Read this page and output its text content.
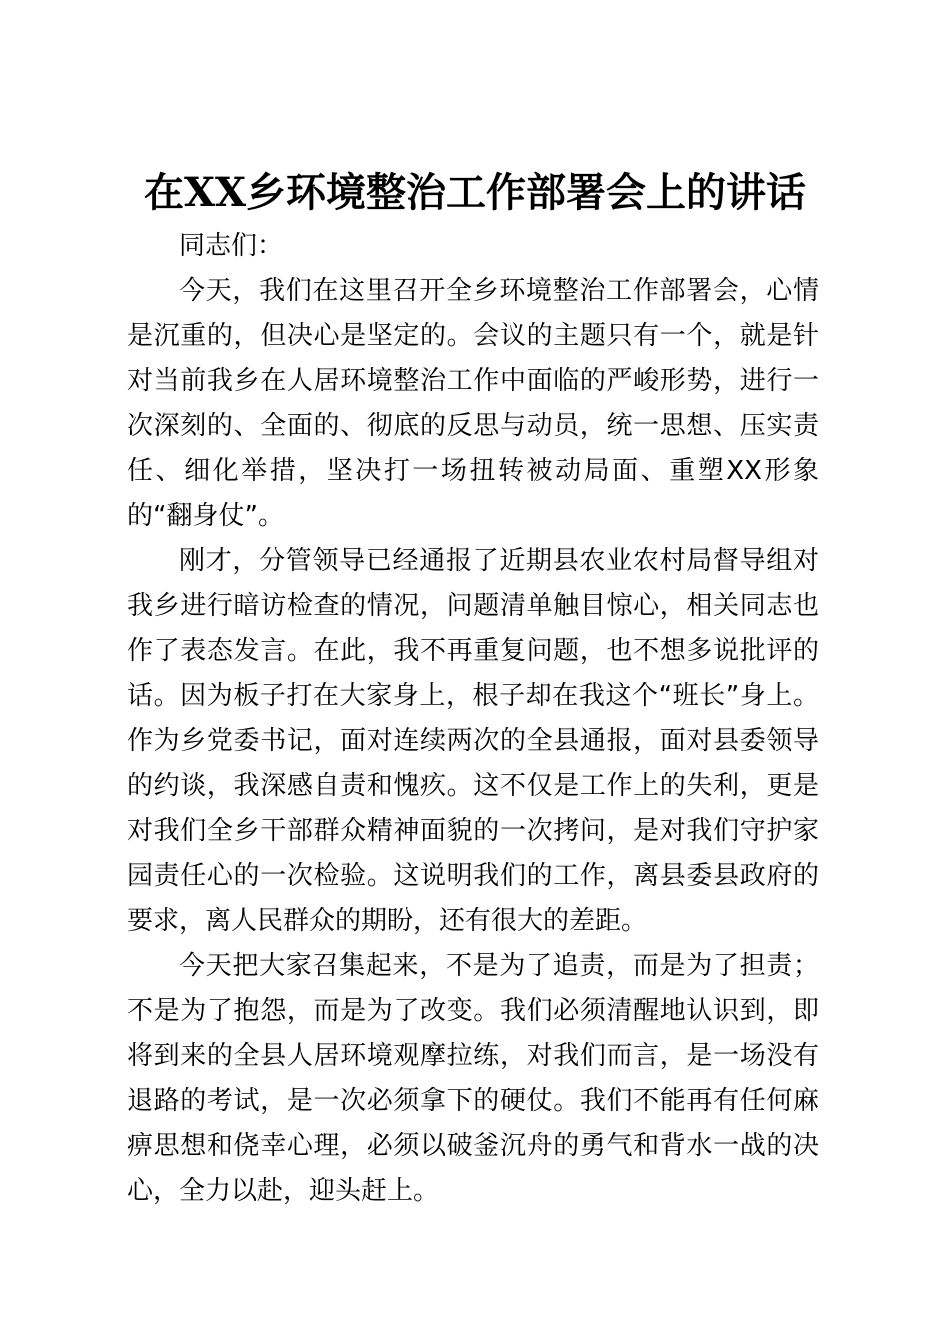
在XX乡环境整治工作部署会上的讲话

同志们：

今天，我们在这里召开全乡环境整治工作部署会，心情是沉重的，但决心是坚定的。会议的主题只有一个，就是针对当前我乡在人居环境整治工作中面临的严峻形势，进行一次深刻的、全面的、彻底的反思与动员，统一思想、压实责任、细化举措，坚决打一场扭转被动局面、重塑XX形象的“翻身仗”。

刚才，分管领导已经通报了近期县农业农村局督导组对我乡进行暗访检查的情况，问题清单触目惊心，相关同志也作了表态发言。在此，我不再重复问题，也不想多说批评的话。因为板子打在大家身上，根子却在我这个“班长”身上。作为乡党委书记，面对连续两次的全县通报，面对县委领导的约谈，我深感自责和愧疚。这不仅是工作上的失利，更是对我们全乡干部群众精神面貌的一次拷问，是对我们守护家园责任心的一次检验。这说明我们的工作，离县委县政府的要求，离人民群众的期盼，还有很大的差距。

今天把大家召集起来，不是为了追责，而是为了担责；不是为了抱怨，而是为了改变。我们必须清醒地认识到，即将到来的全县人居环境观摩拉练，对我们而言，是一场没有退路的考试，是一次必须拿下的硬仗。我们不能再有任何麻痹思想和侥幸心理，必须以破釜沉舟的勇气和背水一战的决心，全力以赴，迎头赶上。
